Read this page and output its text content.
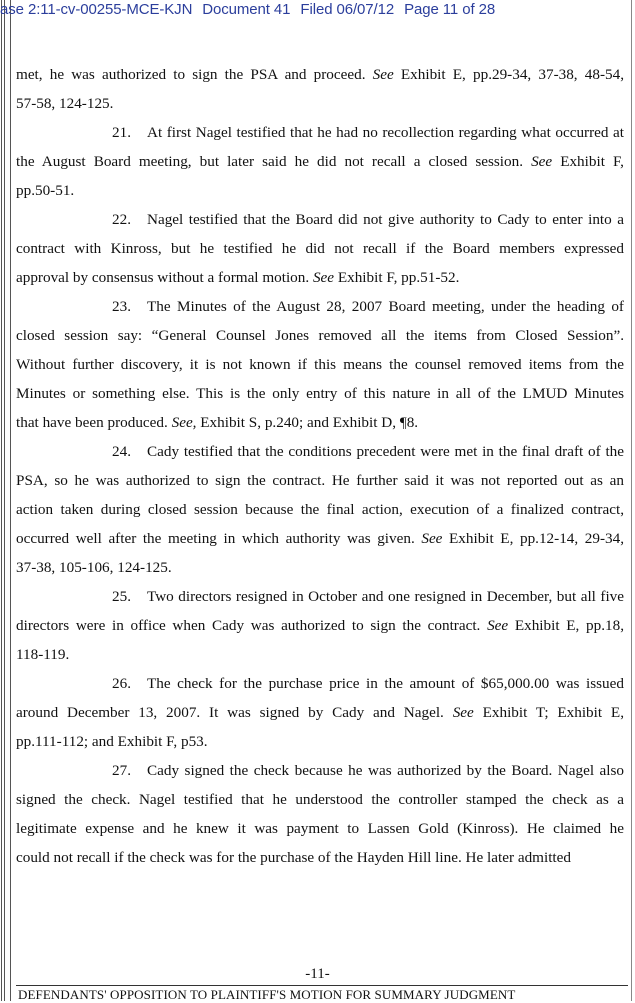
ase 2:11-cv-00255-MCE-KJN Document 41 Filed 06/07/12 Page 11 of 28
met, he was authorized to sign the PSA and proceed. See Exhibit E, pp.29-34, 37-38, 48-54,
57-58, 124-125.
21. At first Nagel testified that he had no recollection regarding what occurred at
the August Board meeting, but later said he did not recall a closed session. See Exhibit F,
pp.50-51.
22. Nagel testified that the Board did not give authority to Cady to enter into a
contract with Kinross, but he testified he did not recall if the Board members expressed
approval by consensus without a formal motion. See Exhibit F, pp.51-52.
23. The Minutes of the August 28, 2007 Board meeting, under the heading of
closed session say: “General Counsel Jones removed all the items from Closed Session”.
Without further discovery, it is not known if this means the counsel removed items from the
Minutes or something else. This is the only entry of this nature in all of the LMUD Minutes
that have been produced. See, Exhibit S, p.240; and Exhibit D, ¶8.
24. Cady testified that the conditions precedent were met in the final draft of the
PSA, so he was authorized to sign the contract. He further said it was not reported out as an
action taken during closed session because the final action, execution of a finalized contract,
occurred well after the meeting in which authority was given. See Exhibit E, pp.12-14, 29-34,
37-38, 105-106, 124-125.
25. Two directors resigned in October and one resigned in December, but all five
directors were in office when Cady was authorized to sign the contract. See Exhibit E, pp.18,
118-119.
26. The check for the purchase price in the amount of $65,000.00 was issued
around December 13, 2007. It was signed by Cady and Nagel. See Exhibit T; Exhibit E,
pp.111-112; and Exhibit F, p53.
27. Cady signed the check because he was authorized by the Board. Nagel also
signed the check. Nagel testified that he understood the controller stamped the check as a
legitimate expense and he knew it was payment to Lassen Gold (Kinross). He claimed he
could not recall if the check was for the purchase of the Hayden Hill line. He later admitted
-11-
DEFENDANTS' OPPOSITION TO PLAINTIFF'S MOTION FOR SUMMARY JUDGMENT
